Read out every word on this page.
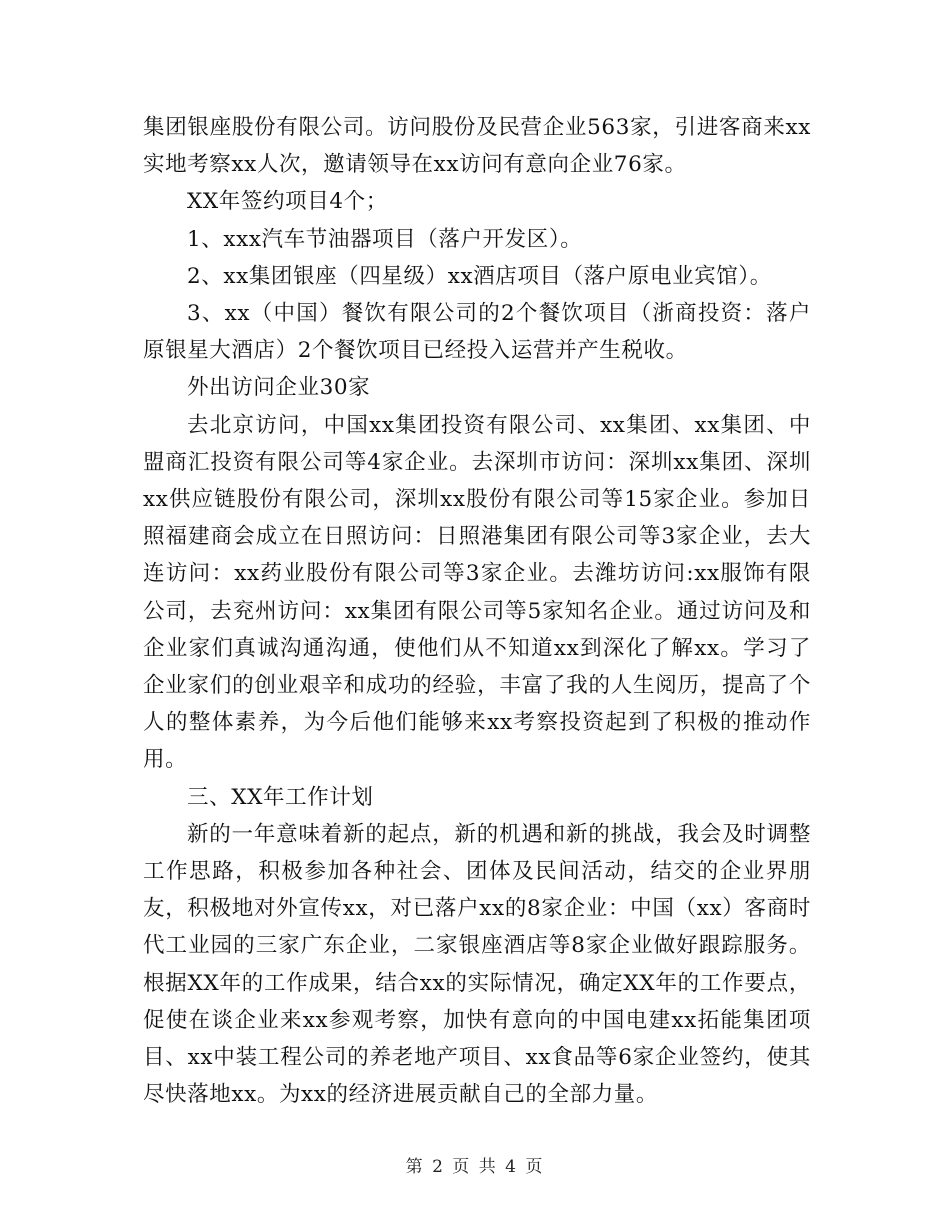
集团银座股份有限公司。访问股份及民营企业563家，引进客商来xx实地考察xx人次，邀请领导在xx访问有意向企业76家。

XX年签约项目4个；

1、xxx汽车节油器项目（落户开发区）。

2、xx集团银座（四星级）xx酒店项目（落户原电业宾馆）。

3、xx（中国）餐饮有限公司的2个餐饮项目（浙商投资：落户原银星大酒店）2个餐饮项目已经投入运营并产生税收。

外出访问企业30家

去北京访问，中国xx集团投资有限公司、xx集团、xx集团、中盟商汇投资有限公司等4家企业。去深圳市访问：深圳xx集团、深圳xx供应链股份有限公司，深圳xx股份有限公司等15家企业。参加日照福建商会成立在日照访问：日照港集团有限公司等3家企业，去大连访问：xx药业股份有限公司等3家企业。去潍坊访问:xx服饰有限公司，去兖州访问：xx集团有限公司等5家知名企业。通过访问及和企业家们真诚沟通沟通，使他们从不知道xx到深化了解xx。学习了企业家们的创业艰辛和成功的经验，丰富了我的人生阅历，提高了个人的整体素养，为今后他们能够来xx考察投资起到了积极的推动作用。

三、XX年工作计划

新的一年意味着新的起点，新的机遇和新的挑战，我会及时调整工作思路，积极参加各种社会、团体及民间活动，结交的企业界朋友，积极地对外宣传xx，对已落户xx的8家企业：中国（xx）客商时代工业园的三家广东企业，二家银座酒店等8家企业做好跟踪服务。根据XX年的工作成果，结合xx的实际情况，确定XX年的工作要点，促使在谈企业来xx参观考察，加快有意向的中国电建xx拓能集团项目、xx中装工程公司的养老地产项目、xx食品等6家企业签约，使其尽快落地xx。为xx的经济进展贡献自己的全部力量。

第 2 页 共 4 页
